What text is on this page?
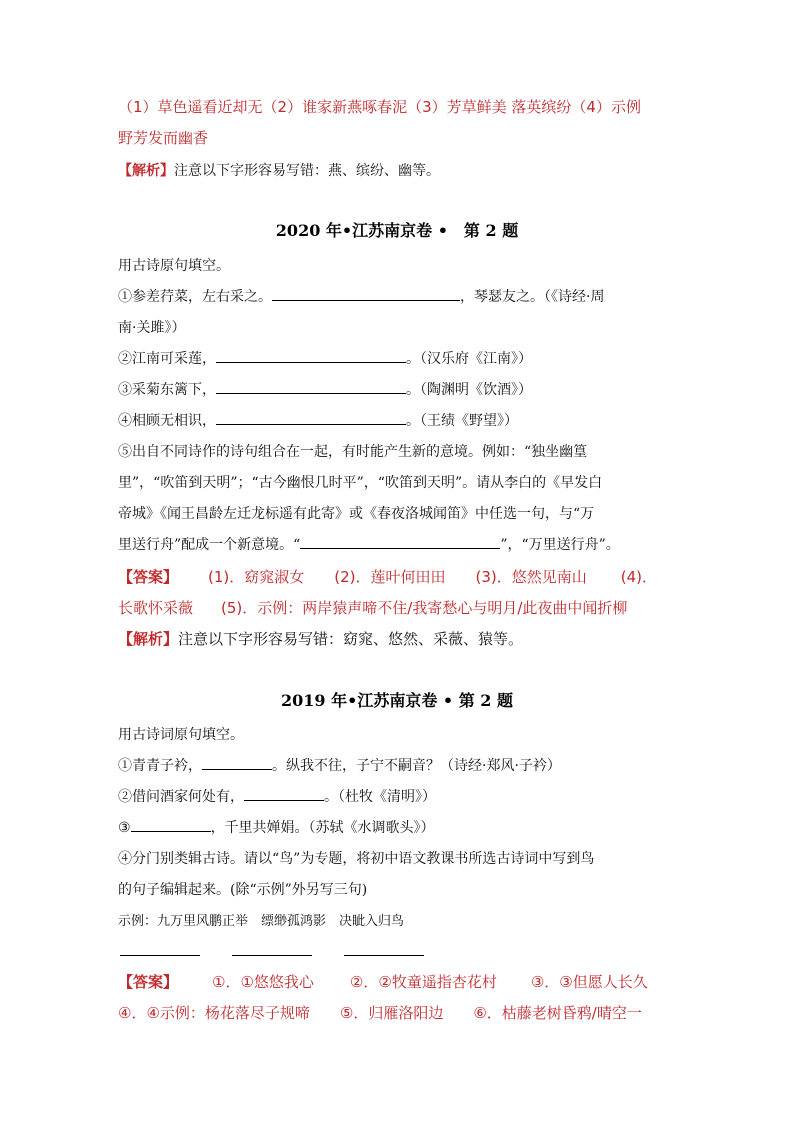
（1）草色遥看近却无（2）谁家新燕啄春泥（3）芳草鲜美 落英缤纷（4）示例
野芳发而幽香
【解析】注意以下字形容易写错：燕、缤纷、幽等。
2020 年•江苏南京卷 •　第 2 题
用古诗原句填空。
①参差荇菜，左右采之。	，琴瑟友之。（《诗经·周
南·关雎》）
②江南可采莲，	。（汉乐府《江南》）
③采菊东篱下，	。（陶渊明《饮酒》）
④相顾无相识，	。（王绩《野望》）
⑤出自不同诗作的诗句组合在一起，有时能产生新的意境。例如：“独坐幽篁
里”，“吹笛到天明”；“古今幽恨几时平”，“吹笛到天明”。请从李白的《早发白
帝城》《闻王昌龄左迁龙标遥有此寄》或《春夜洛城闻笛》中任选一句，与“万
里送行舟”配成一个新意境。“	”，“万里送行舟”。
【答案】 (1)．窈窕淑女 (2)．莲叶何田田 (3)．悠然见南山 (4)．
长歌怀采薇 (5)．示例：两岸猿声啼不住/我寄愁心与明月/此夜曲中闻折柳
【解析】注意以下字形容易写错：窈窕、悠然、采薇、猿等。
2019 年•江苏南京卷 • 第 2 题
用古诗词原句填空。
①青青子衿，	。纵我不往，子宁不嗣音？（诗经·郑风·子衿）
②借问酒家何处有，	。（杜牧《清明》）
③	，千里共婵娟。（苏轼《水调歌头》）
④分门别类辑古诗。请以“鸟”为专题，将初中语文教课书所选古诗词中写到鸟
的句子编辑起来。(除“示例”外另写三句)
示例：九万里风鹏正举　缥缈孤鸿影　决眦入归鸟
【答案】 ①．①悠悠我心 ②．②牧童遥指杏花村 ③．③但愿人长久
④．④示例：杨花落尽子规啼 ⑤．归雁洛阳边 ⑥．枯藤老树昏鸦/晴空一
